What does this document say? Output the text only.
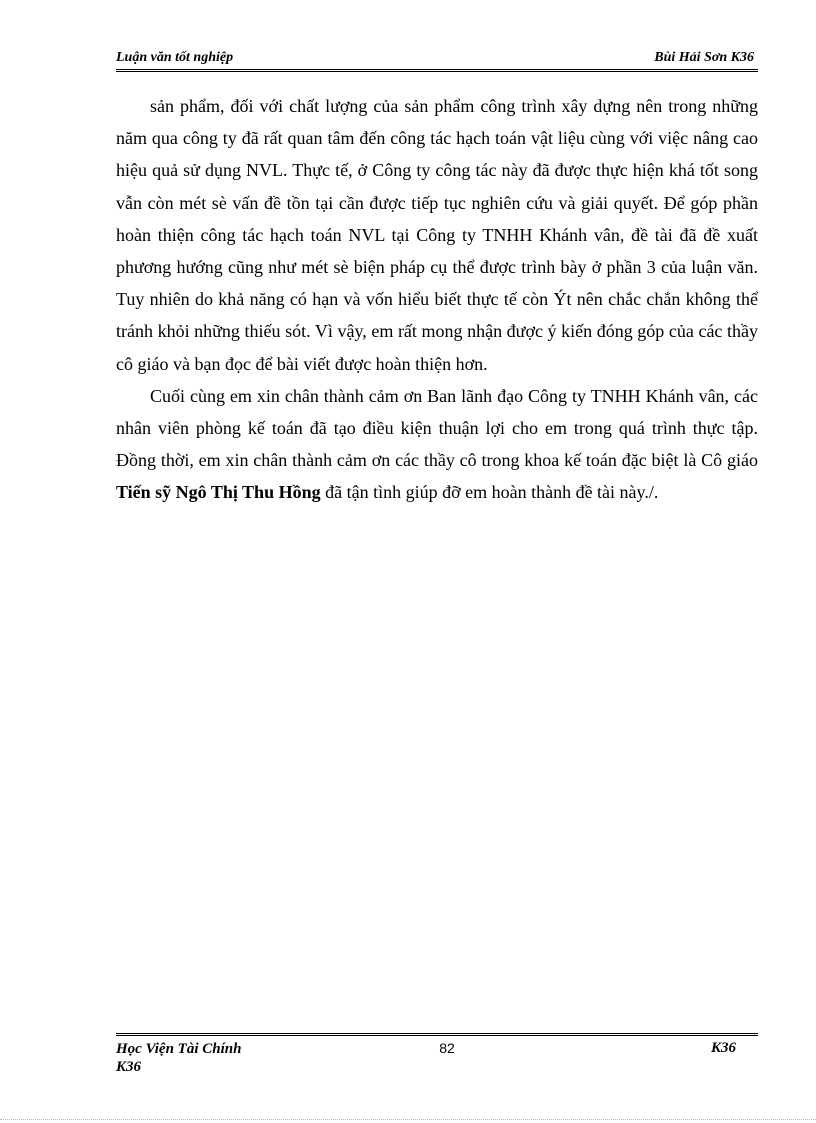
Luận văn tốt nghiệp	Bùi Hải Sơn K36

sản phẩm, đối với chất lượng của sản phẩm công trình xây dựng nên trong những năm qua công ty đã rất quan tâm đến công tác hạch toán vật liệu cùng với việc nâng cao hiệu quả sử dụng NVL. Thực tế, ở Công ty công tác này đã được thực hiện khá tốt song vẫn còn mét sè vấn đề tồn tại cần được tiếp tục nghiên cứu và giải quyết. Để góp phần hoàn thiện công tác hạch toán NVL tại Công ty TNHH Khánh vân, đề tài đã đề xuất phương hướng cũng như mét sè biện pháp cụ thể được trình bày ở phần 3 của luận văn. Tuy nhiên do khả năng có hạn và vốn hiểu biết thực tế còn Ýt nên chắc chắn không thể tránh khỏi những thiếu sót. Vì vậy, em rất mong nhận được ý kiến đóng góp của các thầy cô giáo và bạn đọc để bài viết được hoàn thiện hơn.

Cuối cùng em xin chân thành cảm ơn Ban lãnh đạo Công ty TNHH Khánh vân, các nhân viên phòng kế toán đã tạo điều kiện thuận lợi cho em trong quá trình thực tập. Đồng thời, em xin chân thành cảm ơn các thầy cô trong khoa kế toán đặc biệt là Cô giáo Tiến sỹ Ngô Thị Thu Hồng đã tận tình giúp đỡ em hoàn thành đề tài này./.

Học Viện Tài Chính
K36
82	K36
